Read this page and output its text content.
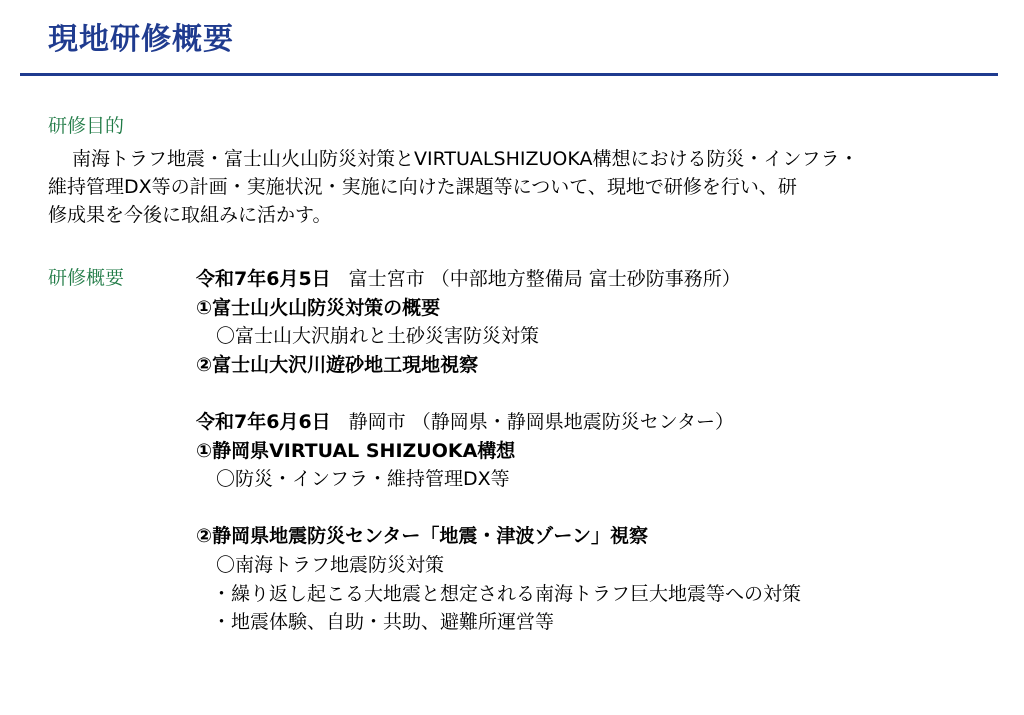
現地研修概要
研修目的
南海トラフ地震・富士山火山防災対策とVIRTUALSHIZUOKA構想における防災・インフラ・
維持管理DX等の計画・実施状況・実施に向けた課題等について、現地で研修を行い、研
修成果を今後に取組みに活かす。
研修概要	令和7年6月5日 富士宮市 （中部地方整備局 富士砂防事務所）
①富士山火山防災対策の概要
〇富士山大沢崩れと土砂災害防災対策
②富士山大沢川遊砂地工現地視察
令和7年6月6日 静岡市 （静岡県・静岡県地震防災センター）
①静岡県VIRTUAL SHIZUOKA構想
〇防災・インフラ・維持管理DX等
②静岡県地震防災センター「地震・津波ゾーン」視察
〇南海トラフ地震防災対策
・繰り返し起こる大地震と想定される南海トラフ巨大地震等への対策
・地震体験、自助・共助、避難所運営等
